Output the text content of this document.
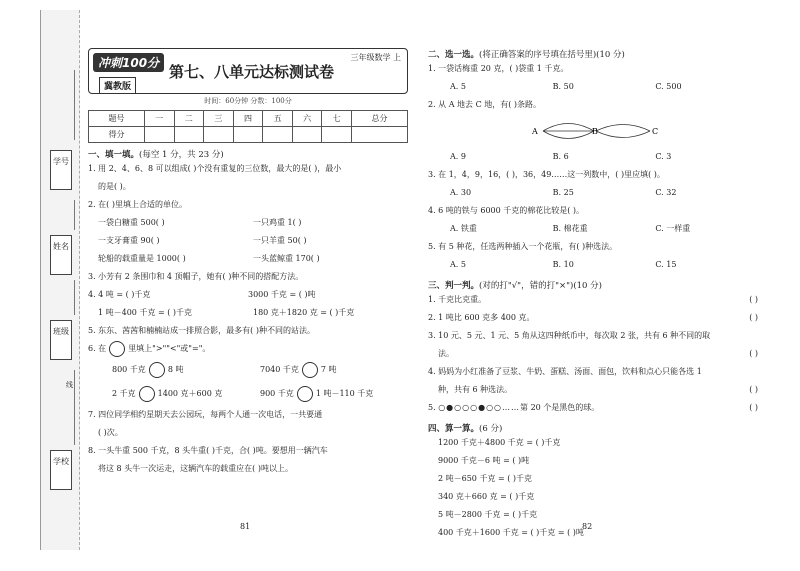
学号
姓名
班级
学校
线
冲刺100分
冀教版
第七、八单元达标测试卷
三年级数学 上
时间：60分钟 分数：100分
题号	一	二	三	四	五	六	七	总分
得分								
一、填一填。(每空 1 分，共 23 分)
1. 用 2、4、6、8 可以组成( )个没有重复的三位数，最大的是( )，最小
的是( )。
2. 在( )里填上合适的单位。
一袋白糖重 500( )	一只鸡重 1( )
一支牙膏重 90( )	一只羊重 50( )
轮船的载重量是 1000( )	一头蓝鲸重 170( )
3. 小芳有 2 条围巾和 4 顶帽子，她有( )种不同的搭配方法。
4. 4 吨 = ( )千克	3000 千克 = ( )吨
1 吨－400 千克 = ( )千克	180 克＋1820 克 = ( )千克
5. 东东、茜茜和楠楠站成一排照合影，最多有( )种不同的站法。
6. 在	里填上">""<"或"="。
800 千克	8 吨	7040 千克	7 吨
2 千克	1400 克＋600 克	900 千克	1 吨－110 千克
7. 四位同学相约星期天去公园玩，每两个人通一次电话，一共要通
( )次。
8. 一头牛重 500 千克，8 头牛重( )千克，合( )吨。要想用一辆汽车
将这 8 头牛一次运走，这辆汽车的载重应在( )吨以上。
81
二、选一选。(将正确答案的序号填在括号里)(10 分)
1. 一袋话梅重 20 克，( )袋重 1 千克。
A. 5	B. 50	C. 500
2. 从 A 地去 C 地，有( )条路。
A	B	C
A. 9	B. 6	C. 3
3. 在 1，4，9，16，( )，36，49……这一列数中，( )里应填( )。
A. 30	B. 25	C. 32
4. 6 吨的铁与 6000 千克的棉花比较是( )。
A. 铁重	B. 棉花重	C. 一样重
5. 有 5 种花，任选两种插入一个花瓶，有( )种选法。
A. 5	B. 10	C. 15
三、判一判。(对的打"√"，错的打"×")(10 分)
1. 千克比克重。	( )
2. 1 吨比 600 克多 400 克。	( )
3. 10 元、5 元、1 元、5 角从这四种纸币中，每次取 2 张，共有 6 种不同的取
法。	( )
4. 妈妈为小红准备了豆浆、牛奶、蛋糕、汤面、面包，饮料和点心只能各选 1
种，共有 6 种选法。	( )
5. ○●○○○●○○……第 20 个是黑色的球。	( )
四、算一算。(6 分)
1200 千克＋4800 千克 = ( )千克
9000 千克－6 吨 = ( )吨
2 吨－650 千克 = ( )千克
340 克＋660 克 = ( )千克
5 吨－2800 千克 = ( )千克
400 千克＋1600 千克 = ( )千克 = ( )吨
82
